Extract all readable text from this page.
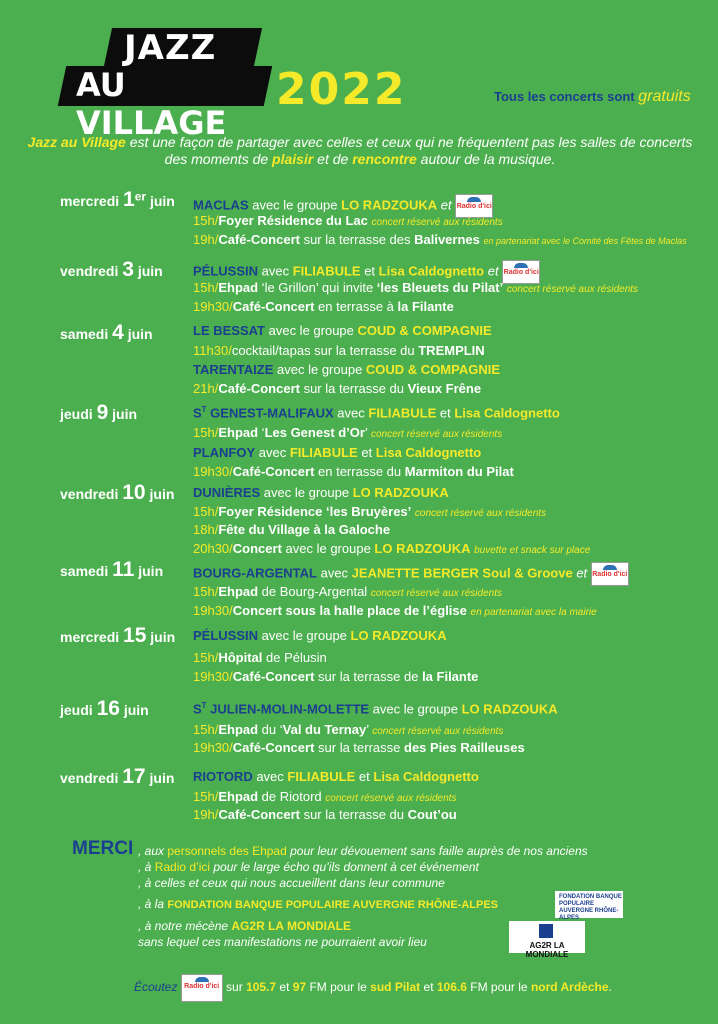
JAZZ
AU VILLAGE
2022	Tous les concerts sont gratuits
Jazz au Village est une façon de partager avec celles et ceux qui ne fréquentent pas les salles de concerts
des moments de plaisir et de rencontre autour de la musique.
mercredi 1er juin MACLAS avec le groupe LO RADZOUKA et Radio d'ici
15h/Foyer Résidence du Lac concert réservé aux résidents
19h/Café-Concert sur la terrasse des Balivernes en partenariat avec le Comité des Fêtes de Maclas
vendredi 3 juin PÉLUSSIN avec FILIABULE et Lisa Caldognetto et Radio d'ici
15h/Ehpad ‘le Grillon’ qui invite ‘les Bleuets du Pilat’ concert réservé aux résidents
19h30/Café-Concert en terrasse à la Filante
samedi 4 juin	LE BESSAT avec le groupe COUD & COMPAGNIE
11h30/cocktail/tapas sur la terrasse du TREMPLIN
TARENTAIZE avec le groupe COUD & COMPAGNIE
21h/Café-Concert sur la terrasse du Vieux Frêne
jeudi 9 juin	$S^T$ GENEST-MALIFAUX avec FILIABULE et Lisa Caldognetto
15h/Ehpad ‘Les Genest d’Or’ concert réservé aux résidents
PLANFOY avec FILIABULE et Lisa Caldognetto
19h30/Café-Concert en terrasse du Marmiton du Pilat
vendredi 10 juin DUNIÈRES avec le groupe LO RADZOUKA
15h/Foyer Résidence ‘les Bruyères’ concert réservé aux résidents
18h/Fête du Village à la Galoche
20h30/Concert avec le groupe LO RADZOUKA buvette et snack sur place
samedi 11 juin BOURG-ARGENTAL avec JEANETTE BERGER Soul & Groove et Radio d'ici
15h/Ehpad de Bourg-Argental concert réservé aux résidents
19h30/Concert sous la halle place de l’église en partenariat avec la mairie
mercredi 15 juin PÉLUSSIN avec le groupe LO RADZOUKA
15h/Hôpital de Pélusin
19h30/Café-Concert sur la terrasse de la Filante
jeudi 16 juin	$S^T$ JULIEN-MOLIN-MOLETTE avec le groupe LO RADZOUKA
15h/Ehpad du ‘Val du Ternay’ concert réservé aux résidents
19h30/Café-Concert sur la terrasse des Pies Railleuses
vendredi 17 juin RIOTORD avec FILIABULE et Lisa Caldognetto
15h/Ehpad de Riotord concert réservé aux résidents
19h/Café-Concert sur la terrasse du Cout’ou
MERCI , aux personnels des Ehpad pour leur dévouement sans faille auprès de nos anciens
, à Radio d’ici pour le large écho qu’ils donnent à cet événement
, à celles et ceux qui nous accueillent dans leur commune
, à la FONDATION BANQUE POPULAIRE AUVERGNE RHÔNE-ALPES
, à notre mécène AG2R LA MONDIALE
sans lequel ces manifestations ne pourraient avoir lieu
FONDATION BANQUE POPULAIRE AUVERGNE RHÔNE-ALPES
AG2R LA MONDIALE
Écoutez Radio d'ici sur 105.7 et 97 FM pour le sud Pilat et 106.6 FM pour le nord Ardèche.
